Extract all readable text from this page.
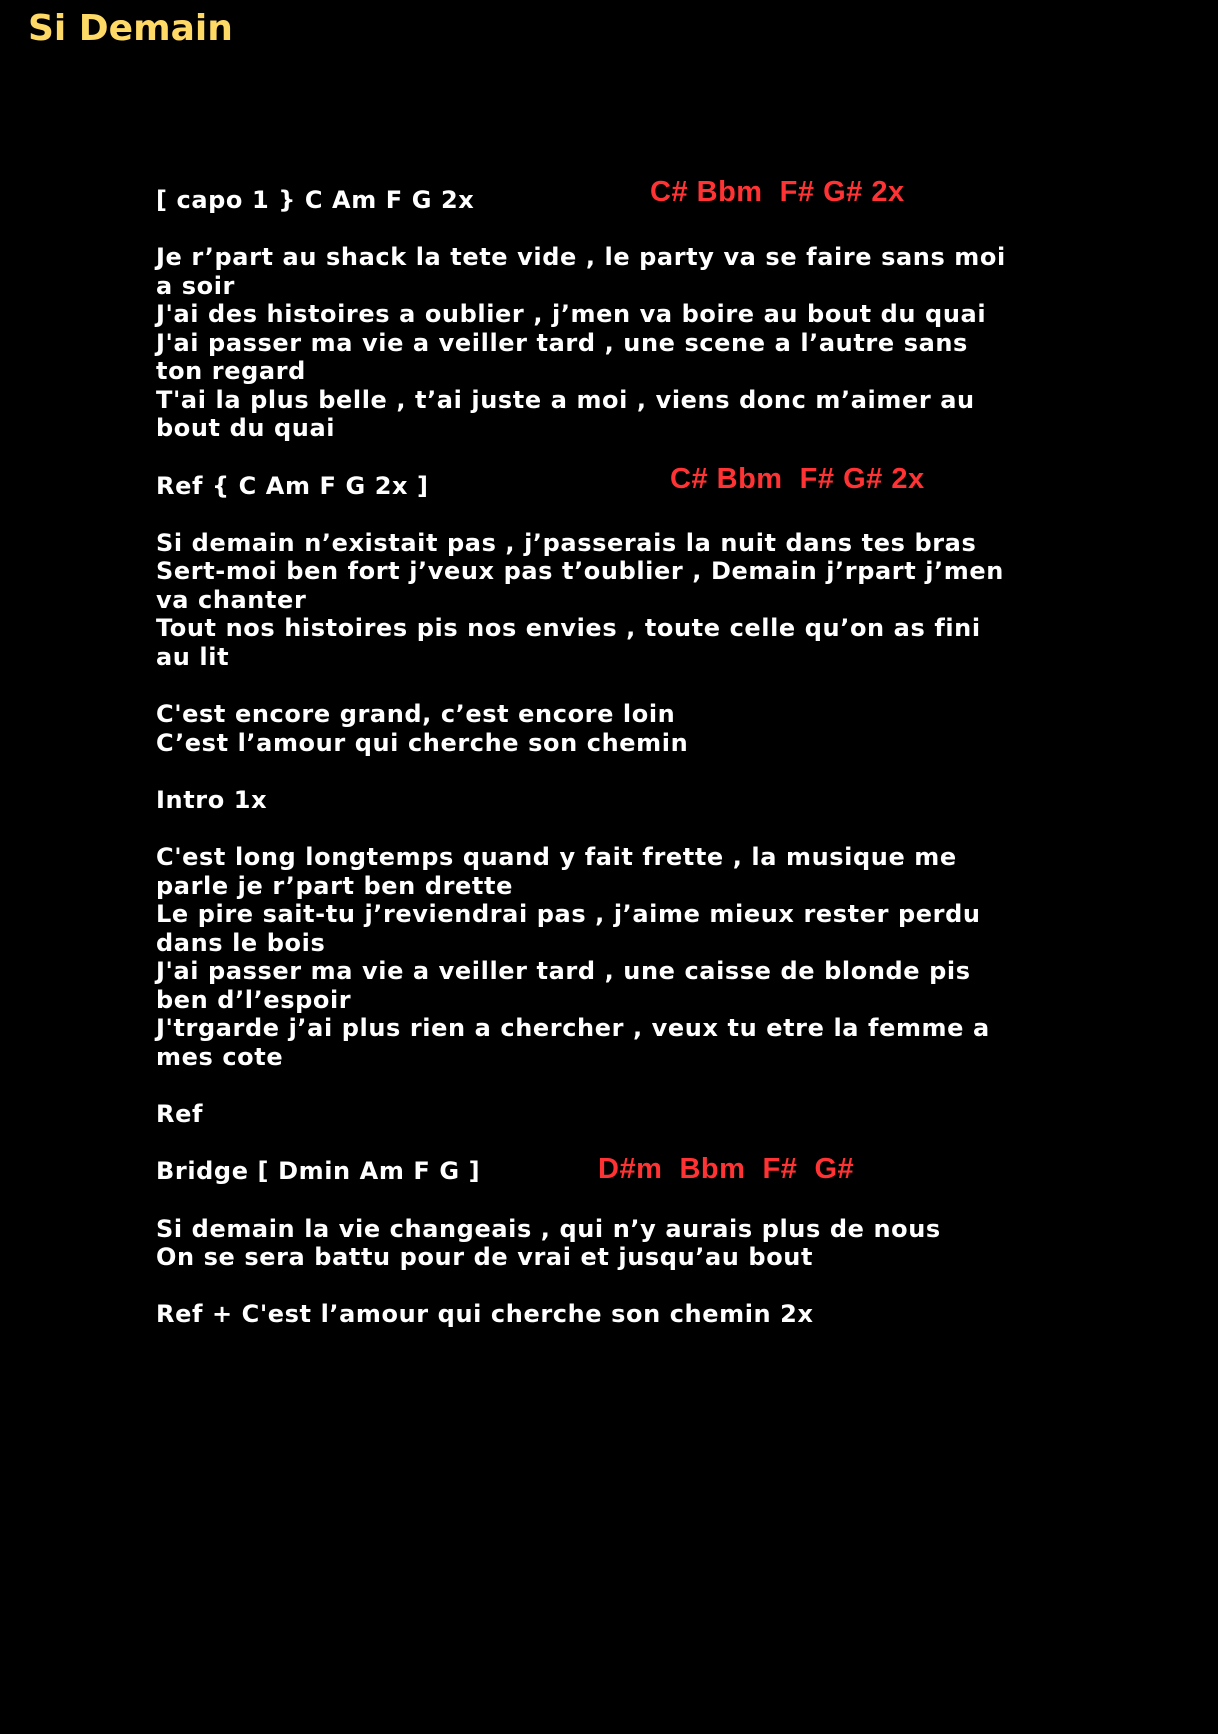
Si Demain
[ capo 1 } C Am F G 2x
Je r’part au shack la tete vide , le party va se faire sans moi
a soir
J'ai des histoires a oublier , j’men va boire au bout du quai
J'ai passer ma vie a veiller tard , une scene a l’autre sans
ton regard
T'ai la plus belle , t’ai juste a moi , viens donc m’aimer au
bout du quai
Ref { C Am F G 2x ]
Si demain n’existait pas , j’passerais la nuit dans tes bras
Sert-moi ben fort j’veux pas t’oublier , Demain j’rpart j’men
va chanter
Tout nos histoires pis nos envies , toute celle qu’on as fini
au lit
C'est encore grand, c’est encore loin
C’est l’amour qui cherche son chemin
Intro 1x
C'est long longtemps quand y fait frette , la musique me
parle je r’part ben drette
Le pire sait-tu j’reviendrai pas , j’aime mieux rester perdu
dans le bois
J'ai passer ma vie a veiller tard , une caisse de blonde pis
ben d’l’espoir
J'trgarde j’ai plus rien a chercher , veux tu etre la femme a
mes cote
Ref
Bridge [ Dmin Am F G ]
Si demain la vie changeais , qui n’y aurais plus de nous
On se sera battu pour de vrai et jusqu’au bout
Ref + C'est l’amour qui cherche son chemin 2x
C# Bbm  F# G# 2x
C# Bbm  F# G# 2x
D#m  Bbm  F#  G#
